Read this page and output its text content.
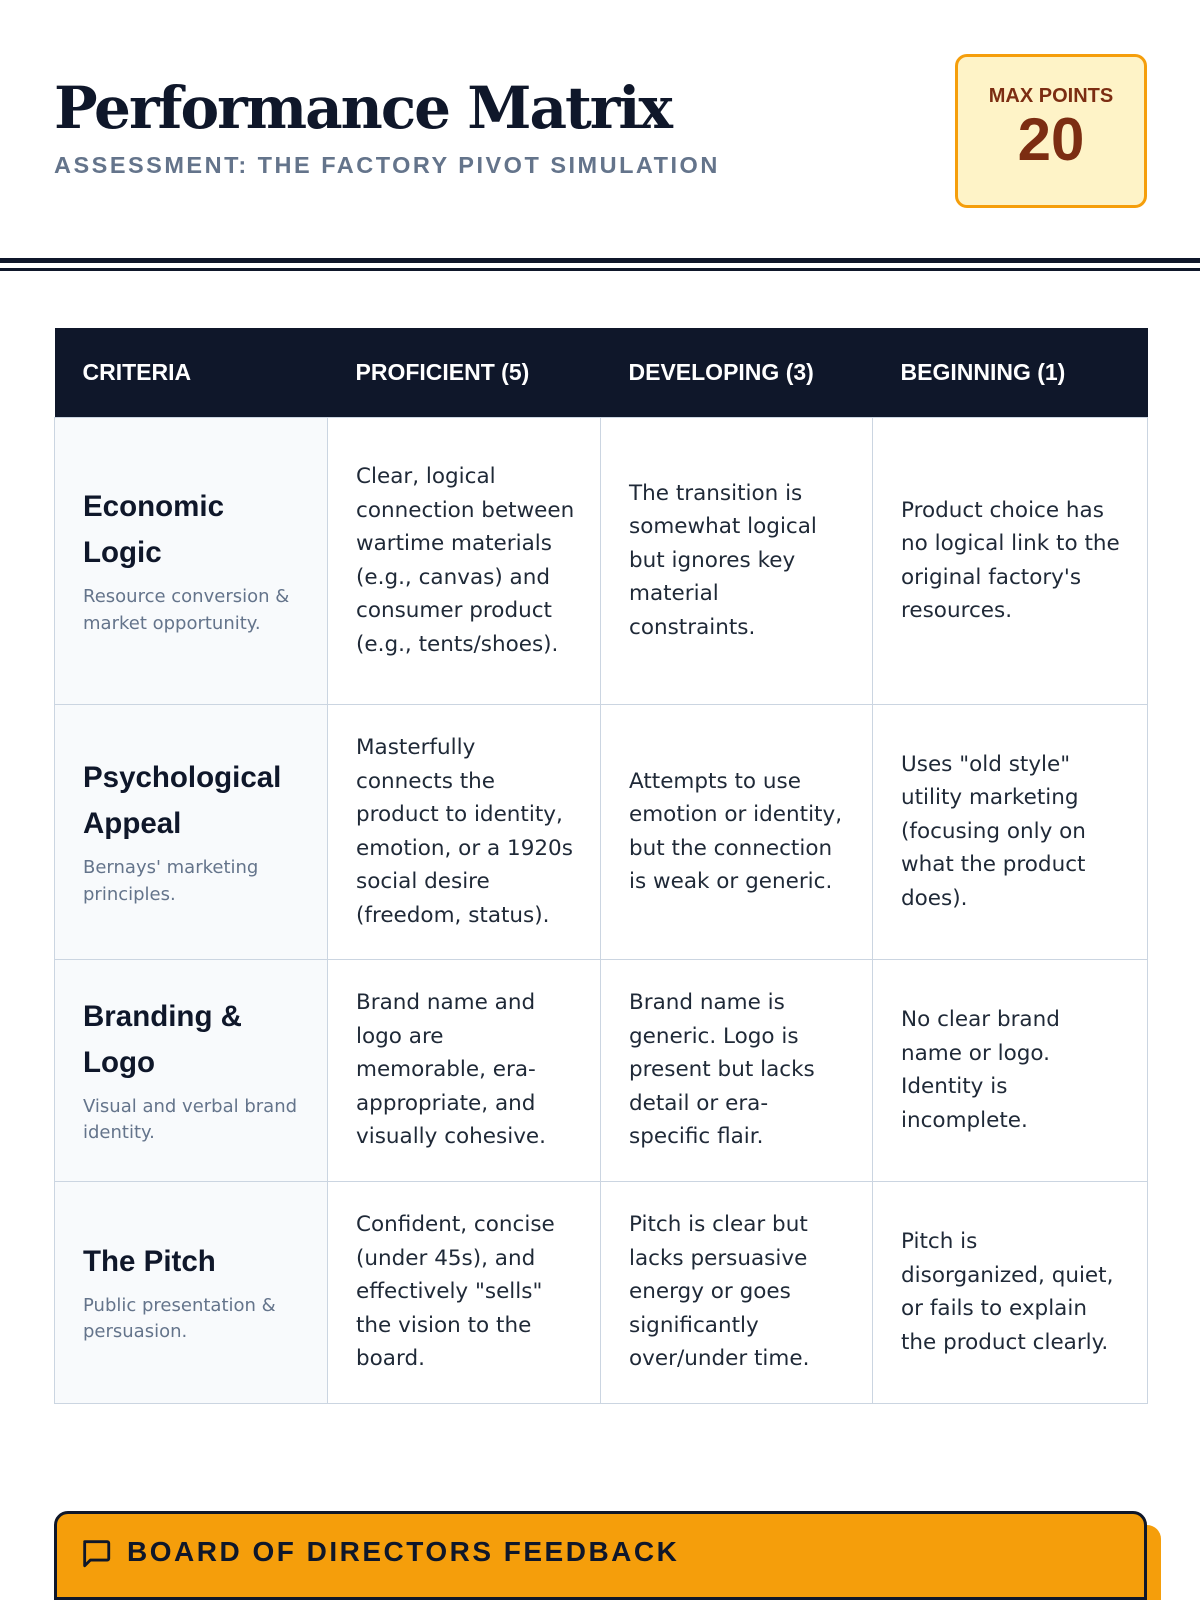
Performance Matrix
ASSESSMENT: THE FACTORY PIVOT SIMULATION
MAX POINTS
20
CRITERIA	PROFICIENT (5)	DEVELOPING (3)	BEGINNING (1)

Economic Logic
Resource conversion & market opportunity.	Clear, logical connection between wartime materials (e.g., canvas) and consumer product (e.g., tents/shoes).	The transition is somewhat logical but ignores key material constraints.	Product choice has no logical link to the original factory's resources.

Psychological Appeal
Bernays' marketing principles.	Masterfully connects the product to identity, emotion, or a 1920s social desire (freedom, status).	Attempts to use emotion or identity, but the connection is weak or generic.	Uses "old style" utility marketing (focusing only on what the product does).

Branding & Logo
Visual and verbal brand identity.	Brand name and logo are memorable, era-appropriate, and visually cohesive.	Brand name is generic. Logo is present but lacks detail or era-specific flair.	No clear brand name or logo. Identity is incomplete.

The Pitch
Public presentation & persuasion.	Confident, concise (under 45s), and effectively "sells" the vision to the board.	Pitch is clear but lacks persuasive energy or goes significantly over/under time.	Pitch is disorganized, quiet, or fails to explain the product clearly.
BOARD OF DIRECTORS FEEDBACK
